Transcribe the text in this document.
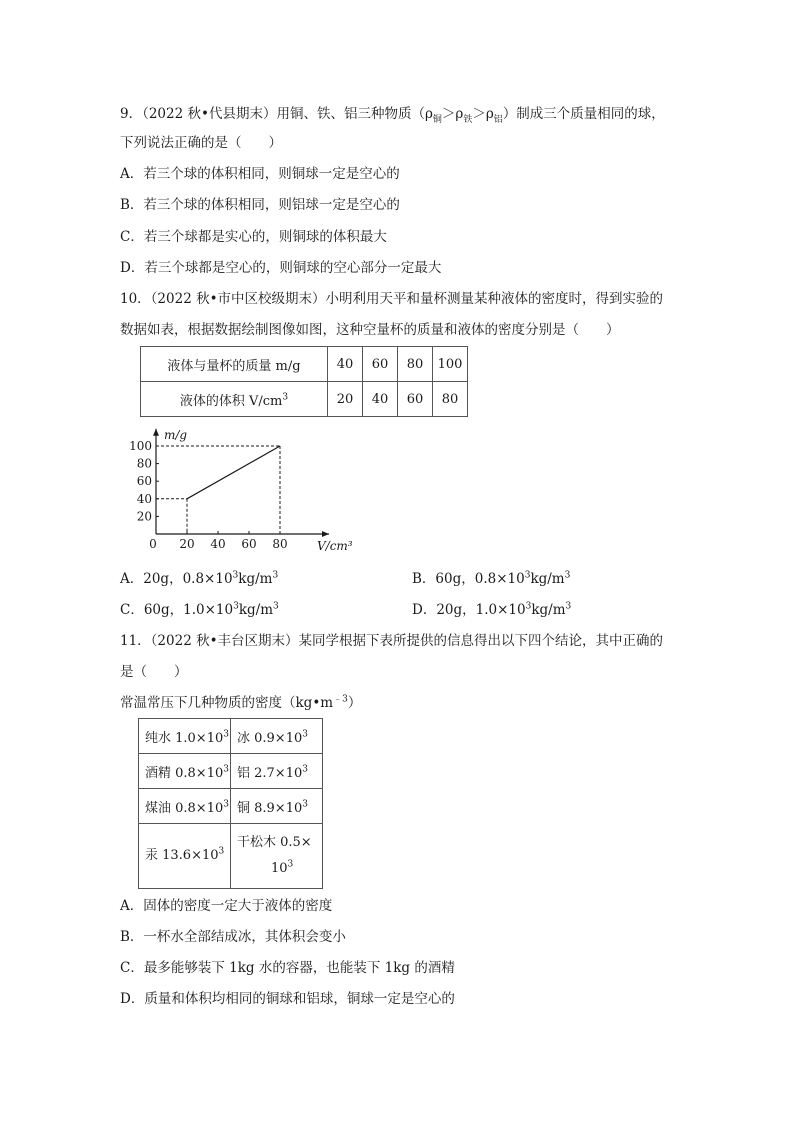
9．（2022 秋•代县期末）用铜、铁、铝三种物质$(\rho_铜>\rho_铁>\rho_铝)$制成三个质量相同的球，
下列说法正确的是（　　）
A．若三个球的体积相同，则铜球一定是空心的
B．若三个球的体积相同，则铝球一定是空心的
C．若三个球都是实心的，则铜球的体积最大
D．若三个球都是空心的，则铜球的空心部分一定最大
10．（2022 秋•市中区校级期末）小明利用天平和量杯测量某种液体的密度时，得到实验的
数据如表，根据数据绘制图像如图，这种空量杯的质量和液体的密度分别是（　　）
液体与量杯的质量 m/g	40	60	80	100
液体的体积 $V/cm^3$	20	40	60	80
20 40 60 80
20
40
60
80
100
0
m/g
V/cm³
A．20g，$0.8\times 10^3kg/m^3$	B．60g，$0.8\times 10^3kg/m^3$
C．60g，$1.0\times 10^3kg/m^3$	D．20g，$1.0\times 10^3kg/m^3$
11．（2022 秋•丰台区期末）某同学根据下表所提供的信息得出以下四个结论，其中正确的
是（　　）
常温常压下几种物质的密度$(kg•m^{﹣3})$
纯水 $1.0\times 10^3$	冰 $0.9\times 10^3$
酒精 $0.8\times 10^3$	铝 $2.7\times 10^3$
煤油 $0.8\times 10^3$	铜 $8.9\times 10^3$
汞 $13.6\times 10^3$	干松木 0.5×
$10^3$
A．固体的密度一定大于液体的密度
B．一杯水全部结成冰，其体积会变小
C．最多能够装下 1kg 水的容器，也能装下 1kg 的酒精
D．质量和体积均相同的铜球和铝球，铜球一定是空心的
